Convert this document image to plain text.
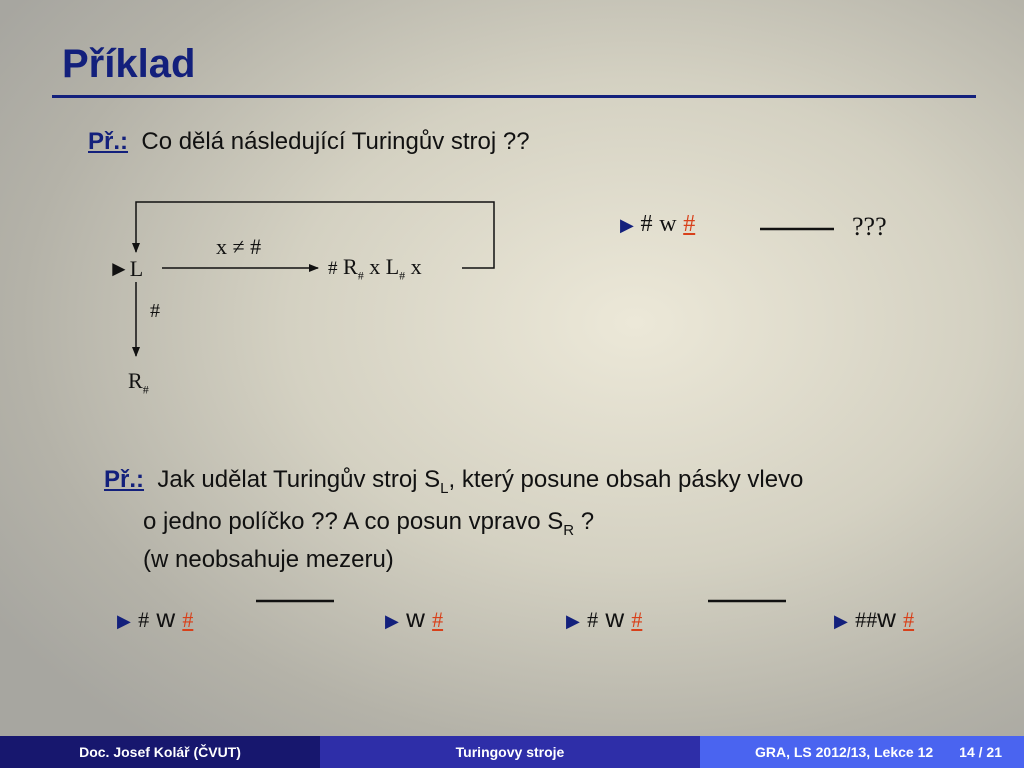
Příklad
Př.: Co dělá následující Turingův stroj ??
►L
x ≠ #
#
# $R_{\#}$ x $L_{\#}$ x
$R_{\#}$
▶ # w #	???
Př.: Jak udělat Turingův stroj $S_L$, který posune obsah pásky vlevo
o jedno políčko ?? A co posun vpravo $S_R$ ?
(w neobsahuje mezeru)
▶ # w #	▶ w #	▶ # w #	▶ ##w #
Doc. Josef Kolář (ČVUT)	Turingovy stroje	GRA, LS 2012/13, Lekce 12 14 / 21
